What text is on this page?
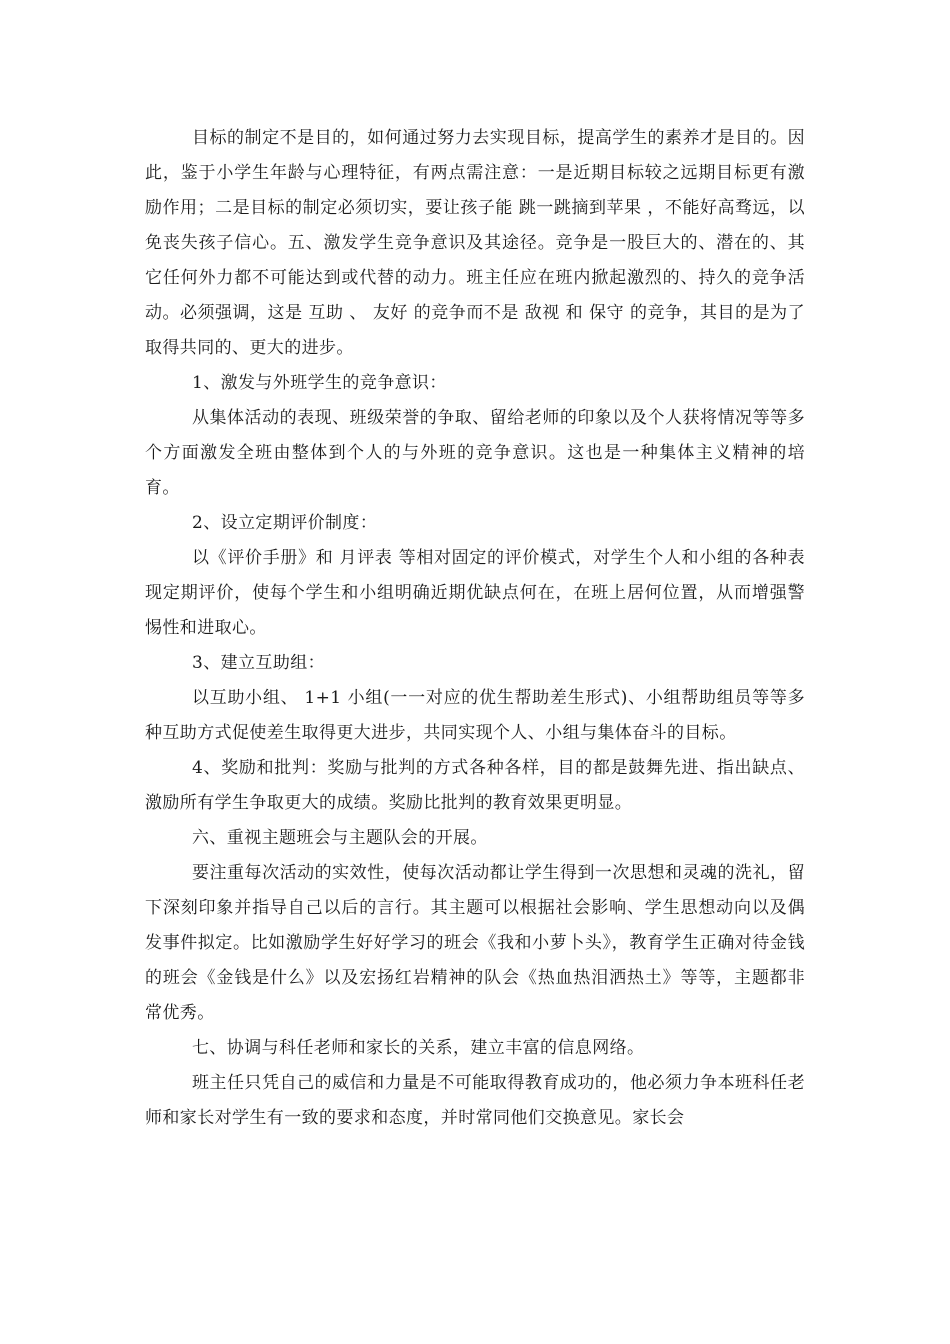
目标的制定不是目的，如何通过努力去实现目标，提高学生的素养才是目的。因此，鉴于小学生年龄与心理特征，有两点需注意：一是近期目标较之远期目标更有激励作用；二是目标的制定必须切实，要让孩子能 跳一跳摘到苹果 ，不能好高骛远，以免丧失孩子信心。五、激发学生竞争意识及其途径。竞争是一股巨大的、潜在的、其它任何外力都不可能达到或代替的动力。班主任应在班内掀起激烈的、持久的竞争活动。必须强调，这是 互助 、 友好 的竞争而不是 敌视 和 保守 的竞争，其目的是为了取得共同的、更大的进步。

1、激发与外班学生的竞争意识：

从集体活动的表现、班级荣誉的争取、留给老师的印象以及个人获将情况等等多个方面激发全班由整体到个人的与外班的竞争意识。这也是一种集体主义精神的培育。

2、设立定期评价制度：

以《评价手册》和 月评表 等相对固定的评价模式，对学生个人和小组的各种表现定期评价，使每个学生和小组明确近期优缺点何在，在班上居何位置，从而增强警惕性和进取心。

3、建立互助组：

以互助小组、 1+1 小组(一一对应的优生帮助差生形式)、小组帮助组员等等多种互助方式促使差生取得更大进步，共同实现个人、小组与集体奋斗的目标。

4、奖励和批判：奖励与批判的方式各种各样，目的都是鼓舞先进、指出缺点、激励所有学生争取更大的成绩。奖励比批判的教育效果更明显。

六、重视主题班会与主题队会的开展。

要注重每次活动的实效性，使每次活动都让学生得到一次思想和灵魂的洗礼，留下深刻印象并指导自己以后的言行。其主题可以根据社会影响、学生思想动向以及偶发事件拟定。比如激励学生好好学习的班会《我和小萝卜头》，教育学生正确对待金钱的班会《金钱是什么》以及宏扬红岩精神的队会《热血热泪洒热土》等等，主题都非常优秀。

七、协调与科任老师和家长的关系，建立丰富的信息网络。

班主任只凭自己的威信和力量是不可能取得教育成功的，他必须力争本班科任老师和家长对学生有一致的要求和态度，并时常同他们交换意见。家长会
